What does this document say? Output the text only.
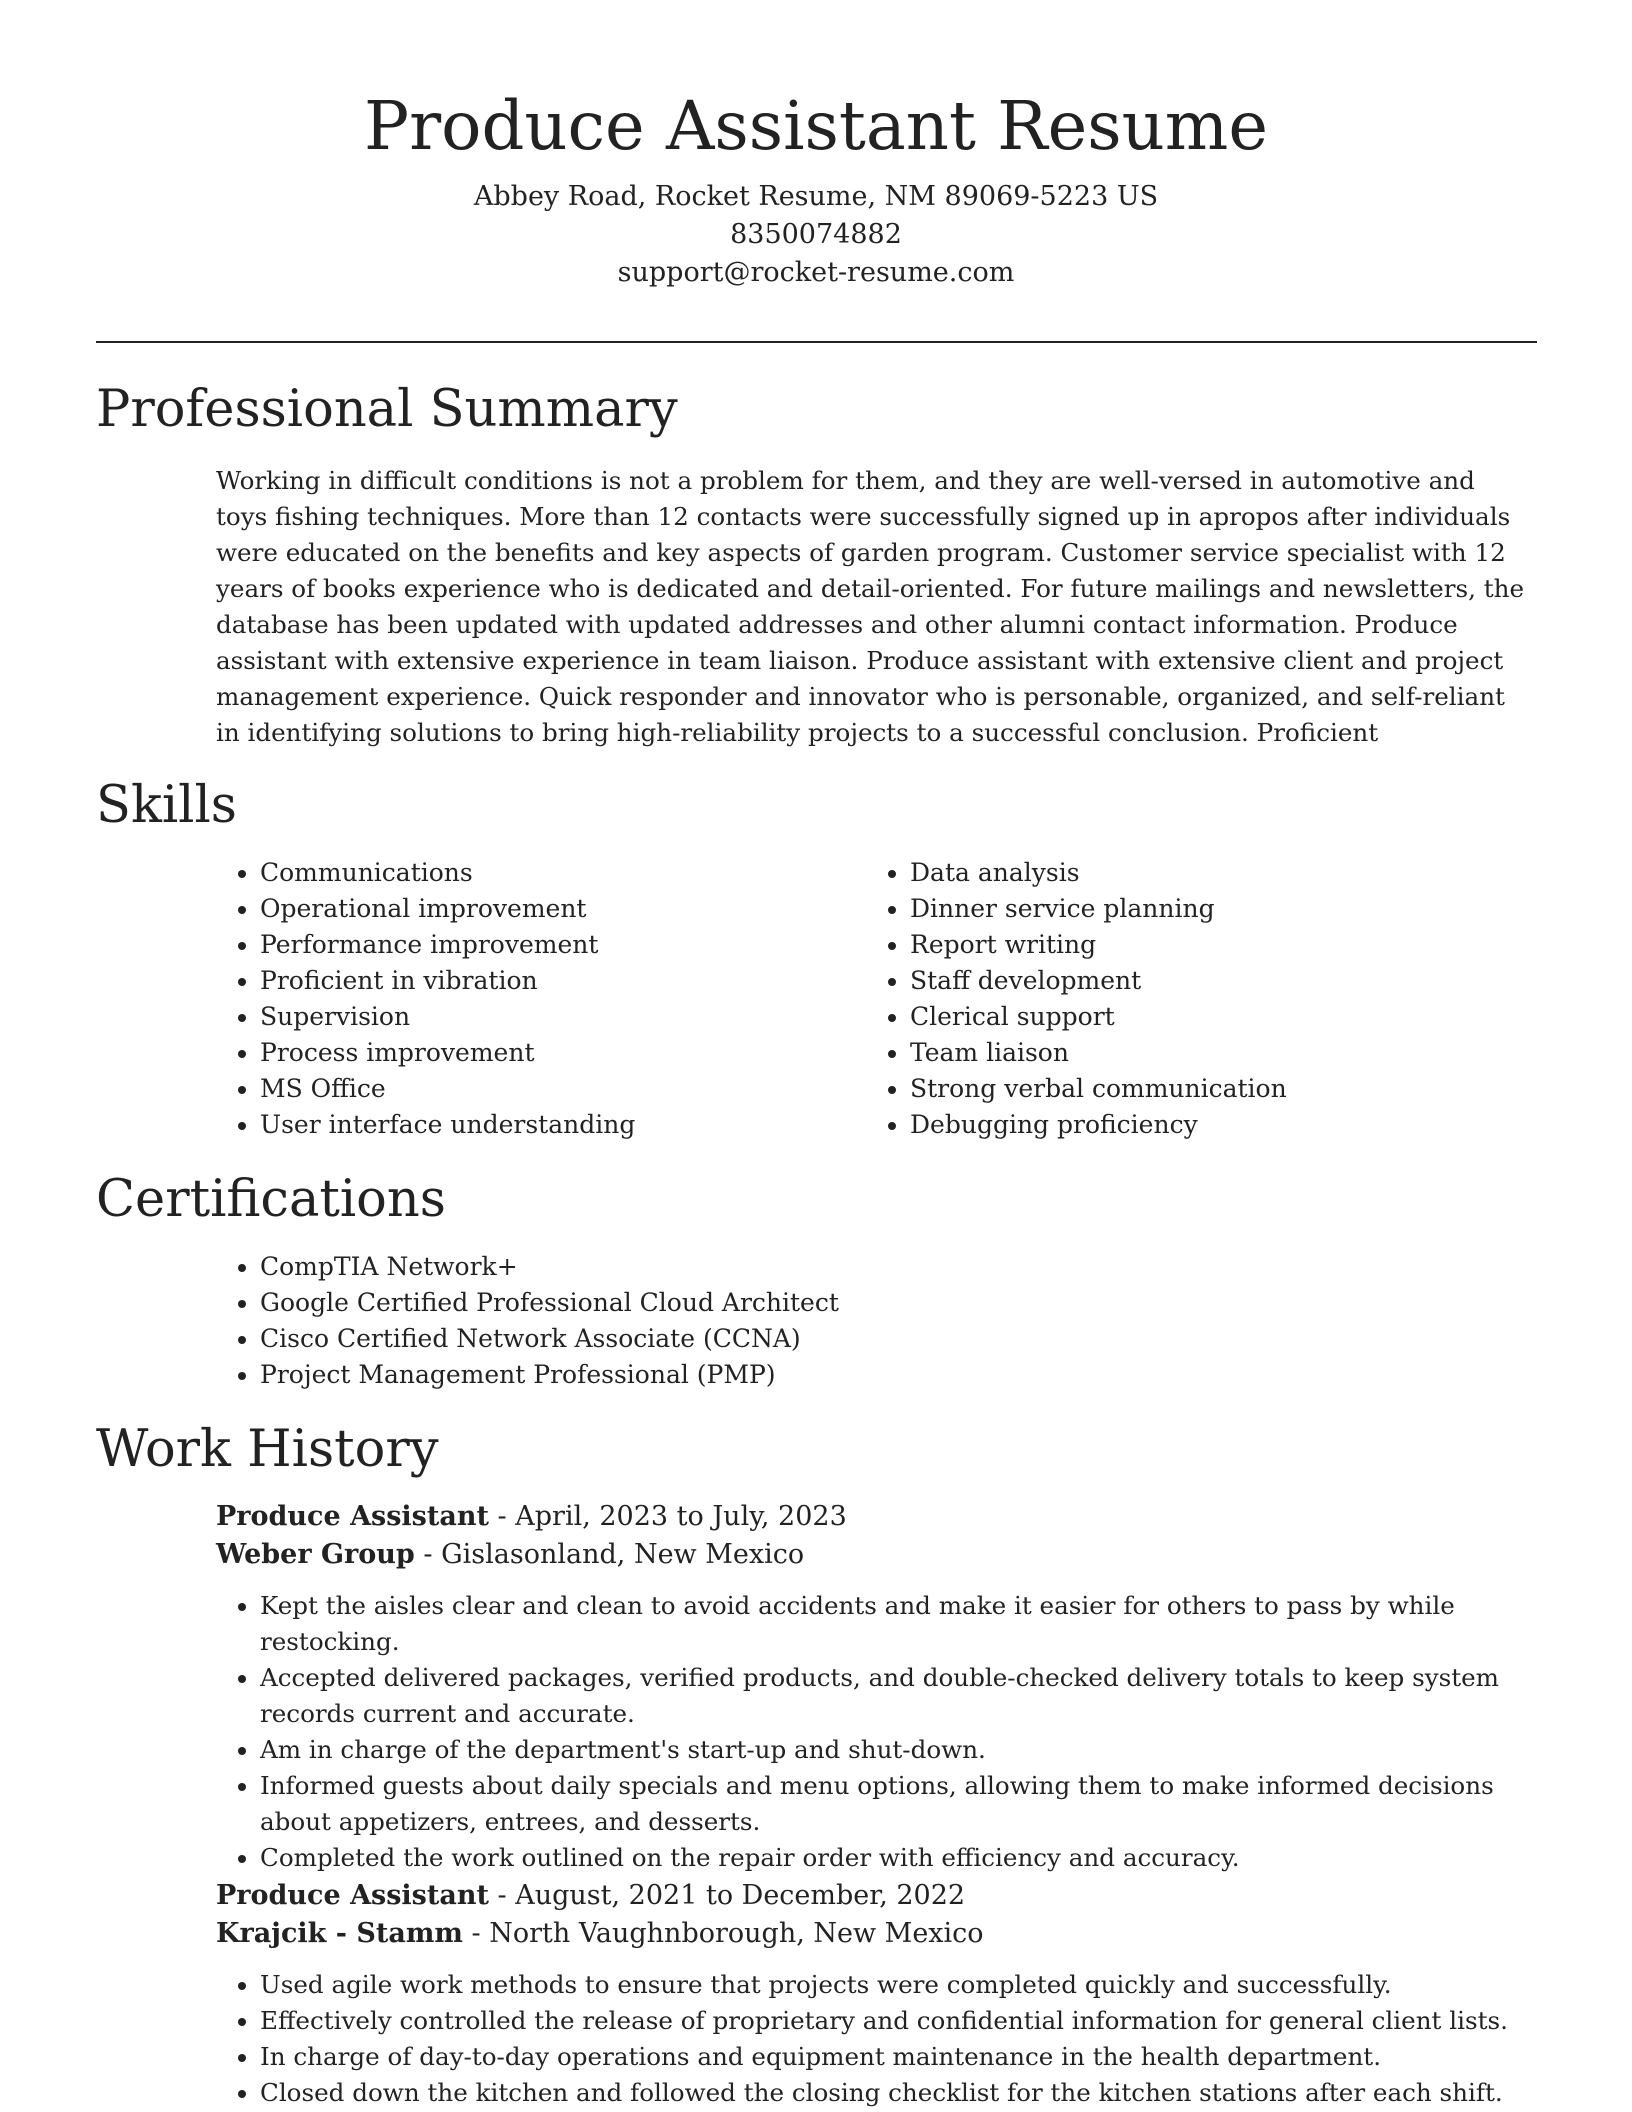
Produce Assistant Resume
Abbey Road, Rocket Resume, NM 89069-5223 US
8350074882
support@rocket-resume.com
Professional Summary

Working in difficult conditions is not a problem for them, and they are well-versed in automotive and toys fishing techniques. More than 12 contacts were successfully signed up in apropos after individuals were educated on the benefits and key aspects of garden program. Customer service specialist with 12 years of books experience who is dedicated and detail-oriented. For future mailings and newsletters, the database has been updated with updated addresses and other alumni contact information. Produce assistant with extensive experience in team liaison. Produce assistant with extensive client and project management experience. Quick responder and innovator who is personable, organized, and self-reliant in identifying solutions to bring high-reliability projects to a successful conclusion. Proficient

Skills
• Communications
• Operational improvement
• Performance improvement
• Proficient in vibration
• Supervision
• Process improvement
• MS Office
• User interface understanding
• Data analysis
• Dinner service planning
• Report writing
• Staff development
• Clerical support
• Team liaison
• Strong verbal communication
• Debugging proficiency
Certifications
• CompTIA Network+
• Google Certified Professional Cloud Architect
• Cisco Certified Network Associate (CCNA)
• Project Management Professional (PMP)
Work History

Produce Assistant - April, 2023 to July, 2023

Weber Group - Gislasonland, New Mexico

• Kept the aisles clear and clean to avoid accidents and make it easier for others to pass by while restocking.
• Accepted delivered packages, verified products, and double-checked delivery totals to keep system records current and accurate.
• Am in charge of the department's start-up and shut-down.
• Informed guests about daily specials and menu options, allowing them to make informed decisions about appetizers, entrees, and desserts.
• Completed the work outlined on the repair order with efficiency and accuracy.

Produce Assistant - August, 2021 to December, 2022

Krajcik - Stamm - North Vaughnborough, New Mexico

• Used agile work methods to ensure that projects were completed quickly and successfully.
• Effectively controlled the release of proprietary and confidential information for general client lists.
• In charge of day-to-day operations and equipment maintenance in the health department.
• Closed down the kitchen and followed the closing checklist for the kitchen stations after each shift.
